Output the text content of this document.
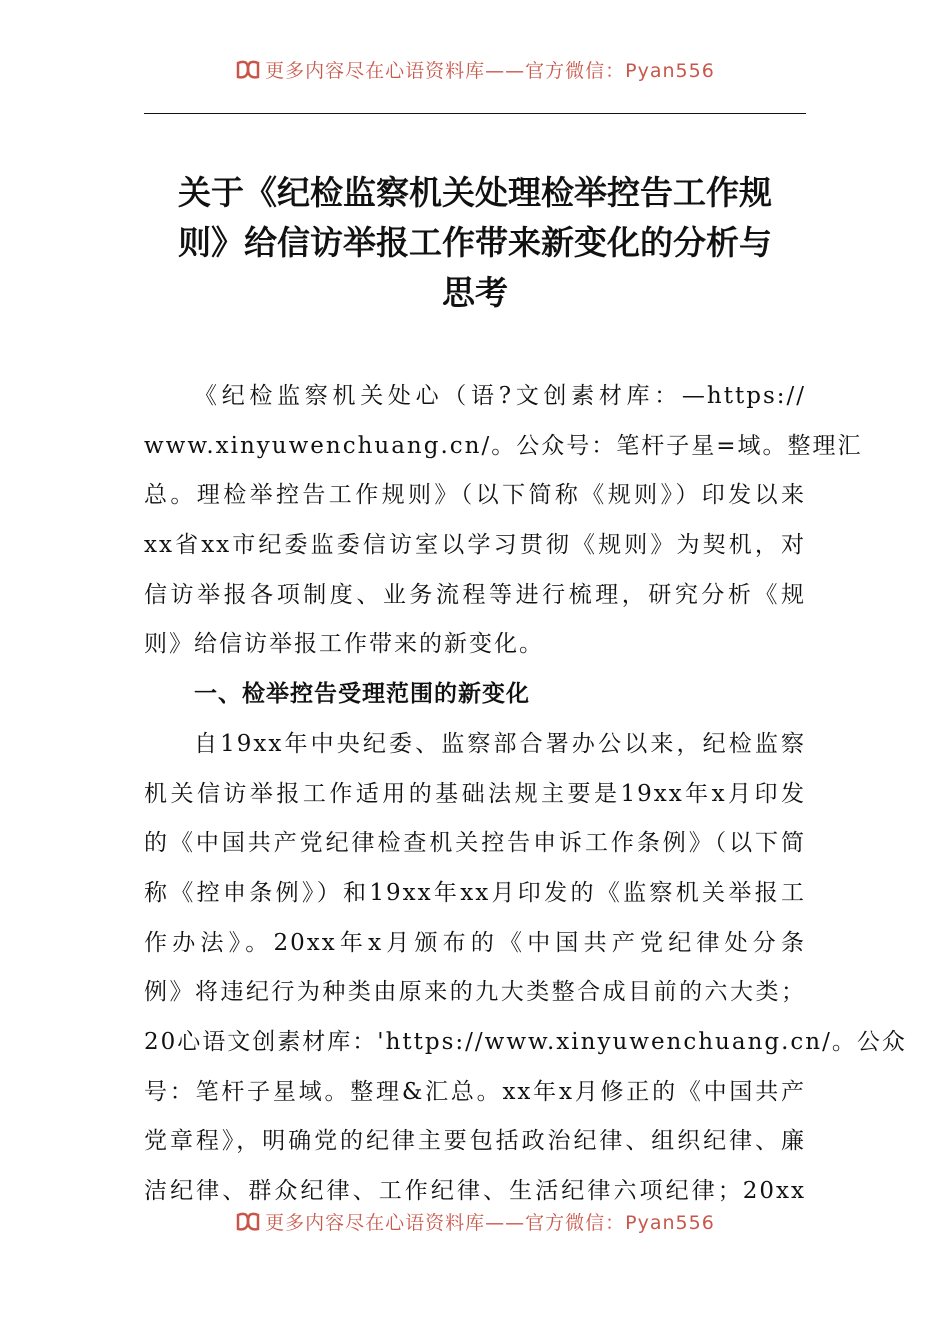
更多内容尽在心语资料库——官方微信：Pyan556
关于《纪检监察机关处理检举控告工作规
则》给信访举报工作带来新变化的分析与
思考
《纪检监察机关处心（语?文创素材库：—https://
www.xinyuwenchuang.cn/。公众号：笔杆子星=域。整理汇
总。理检举控告工作规则》（以下简称《规则》）印发以来
xx省xx市纪委监委信访室以学习贯彻《规则》为契机，对
信访举报各项制度、业务流程等进行梳理，研究分析《规
则》给信访举报工作带来的新变化。
一、检举控告受理范围的新变化
自19xx年中央纪委、监察部合署办公以来，纪检监察
机关信访举报工作适用的基础法规主要是19xx年x月印发
的《中国共产党纪律检查机关控告申诉工作条例》（以下简
称《控申条例》）和19xx年xx月印发的《监察机关举报工
作办法》。20xx年x月颁布的《中国共产党纪律处分条
例》将违纪行为种类由原来的九大类整合成目前的六大类；
20心语文创素材库：'https://www.xinyuwenchuang.cn/。公众
号：笔杆子星域。整理&汇总。xx年x月修正的《中国共产
党章程》，明确党的纪律主要包括政治纪律、组织纪律、廉
洁纪律、群众纪律、工作纪律、生活纪律六项纪律；20xx
更多内容尽在心语资料库——官方微信：Pyan556
